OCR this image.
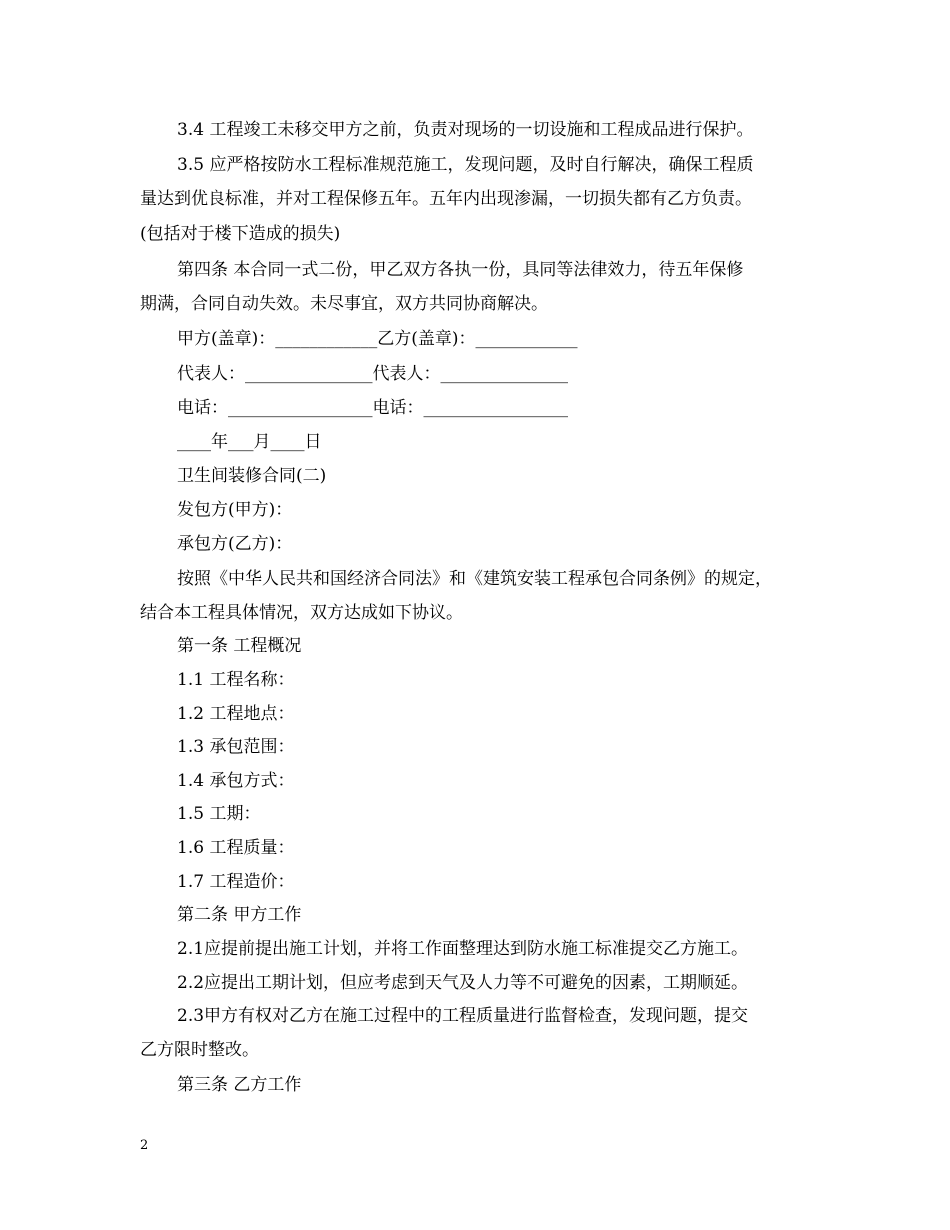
3.4 工程竣工未移交甲方之前，负责对现场的一切设施和工程成品进行保护。
3.5 应严格按防水工程标准规范施工，发现问题，及时自行解决，确保工程质
量达到优良标准，并对工程保修五年。五年内出现渗漏，一切损失都有乙方负责。
(包括对于楼下造成的损失)
第四条 本合同一式二份，甲乙双方各执一份，具同等法律效力，待五年保修
期满，合同自动失效。未尽事宜，双方共同协商解决。
甲方(盖章)：____________乙方(盖章)：____________
代表人：_______________代表人：_______________
电话：_________________电话：_________________
____年___月____日
卫生间装修合同(二)
发包方(甲方)：
承包方(乙方)：
按照《中华人民共和国经济合同法》和《建筑安装工程承包合同条例》的规定，
结合本工程具体情况，双方达成如下协议。
第一条 工程概况
1.1 工程名称：
1.2 工程地点：
1.3 承包范围：
1.4 承包方式：
1.5 工期：
1.6 工程质量：
1.7 工程造价：
第二条 甲方工作
2.1应提前提出施工计划，并将工作面整理达到防水施工标准提交乙方施工。
2.2应提出工期计划，但应考虑到天气及人力等不可避免的因素，工期顺延。
2.3甲方有权对乙方在施工过程中的工程质量进行监督检查，发现问题，提交
乙方限时整改。
第三条 乙方工作
2
